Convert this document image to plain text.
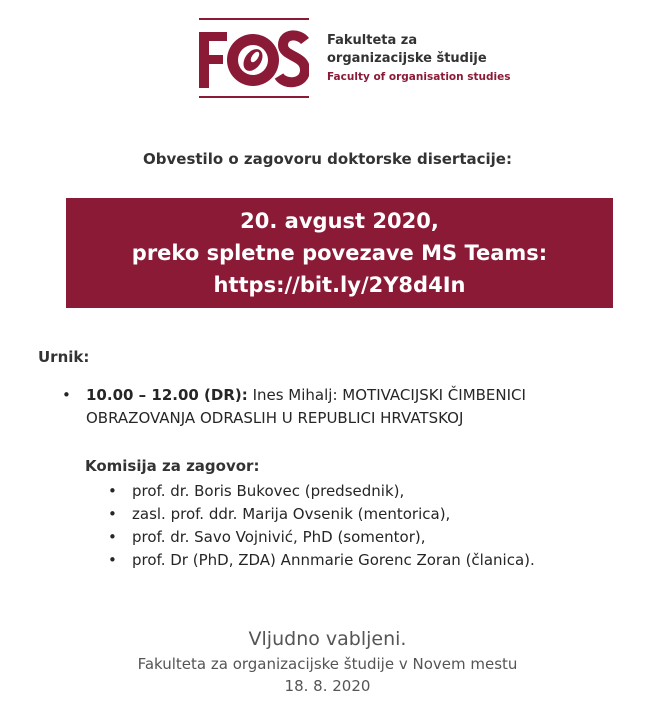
Fakulteta za
organizacijske študije
Faculty of organisation studies
Obvestilo o zagovoru doktorske disertacije:
20. avgust 2020,
preko spletne povezave MS Teams:
https://bit.ly/2Y8d4In
Urnik:
• 10.00 – 12.00 (DR): Ines Mihalj: MOTIVACIJSKI ČIMBENICI
OBRAZOVANJA ODRASLIH U REPUBLICI HRVATSKOJ
Komisija za zagovor:
• prof. dr. Boris Bukovec (predsednik),
• zasl. prof. ddr. Marija Ovsenik (mentorica),
• prof. dr. Savo Vojnivić, PhD (somentor),
• prof. Dr (PhD, ZDA) Annmarie Gorenc Zoran (članica).
Vljudno vabljeni.
Fakulteta za organizacijske študije v Novem mestu
18. 8. 2020
